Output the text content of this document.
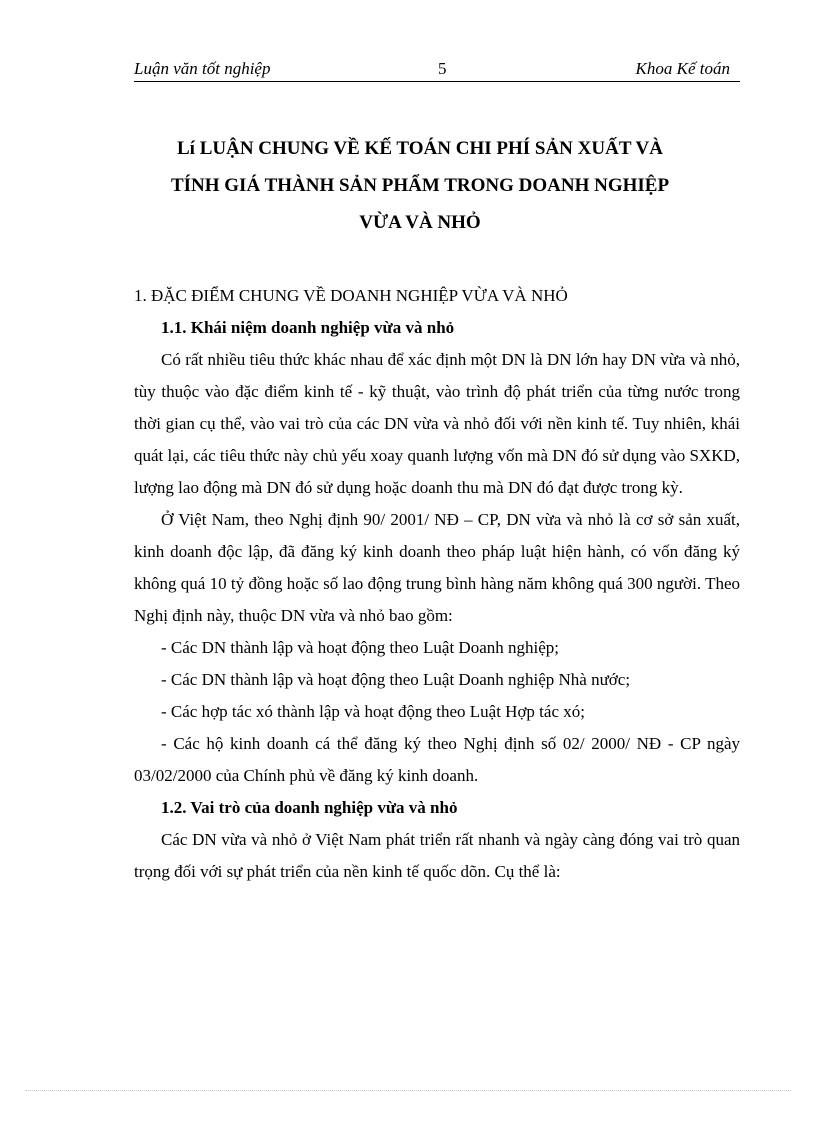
Luận văn tốt nghiệp	5	Khoa Kế toán
Lí LUẬN CHUNG VỀ KẾ TOÁN CHI PHÍ SẢN XUẤT VÀ
TÍNH GIÁ THÀNH SẢN PHẨM TRONG DOANH NGHIỆP
VỪA VÀ NHỎ

1. ĐẶC ĐIỂM CHUNG VỀ DOANH NGHIỆP VỪA VÀ NHỎ

1.1. Khái niệm doanh nghiệp vừa và nhỏ

Có rất nhiều tiêu thức khác nhau để xác định một DN là DN lớn hay DN vừa và nhỏ, tùy thuộc vào đặc điểm kinh tế - kỹ thuật, vào trình độ phát triển của từng nước trong thời gian cụ thể, vào vai trò của các DN vừa và nhỏ đối với nền kinh tế. Tuy nhiên, khái quát lại, các tiêu thức này chủ yếu xoay quanh lượng vốn mà DN đó sử dụng vào SXKD, lượng lao động mà DN đó sử dụng hoặc doanh thu mà DN đó đạt được trong kỳ.

Ở Việt Nam, theo Nghị định 90/ 2001/ NĐ – CP, DN vừa và nhỏ là cơ sở sản xuất, kinh doanh độc lập, đã đăng ký kinh doanh theo pháp luật hiện hành, có vốn đăng ký không quá 10 tỷ đồng hoặc số lao động trung bình hàng năm không quá 300 người. Theo Nghị định này, thuộc DN vừa và nhỏ bao gồm:

- Các DN thành lập và hoạt động theo Luật Doanh nghiệp;

- Các DN thành lập và hoạt động theo Luật Doanh nghiệp Nhà nước;

- Các hợp tác xó thành lập và hoạt động theo Luật Hợp tác xó;

- Các hộ kinh doanh cá thể đăng ký theo Nghị định số 02/ 2000/ NĐ - CP ngày 03/02/2000 của Chính phủ về đăng ký kinh doanh.

1.2. Vai trò của doanh nghiệp vừa và nhỏ

Các DN vừa và nhỏ ở Việt Nam phát triển rất nhanh và ngày càng đóng vai trò quan trọng đối với sự phát triển của nền kinh tế quốc dõn. Cụ thể là:
